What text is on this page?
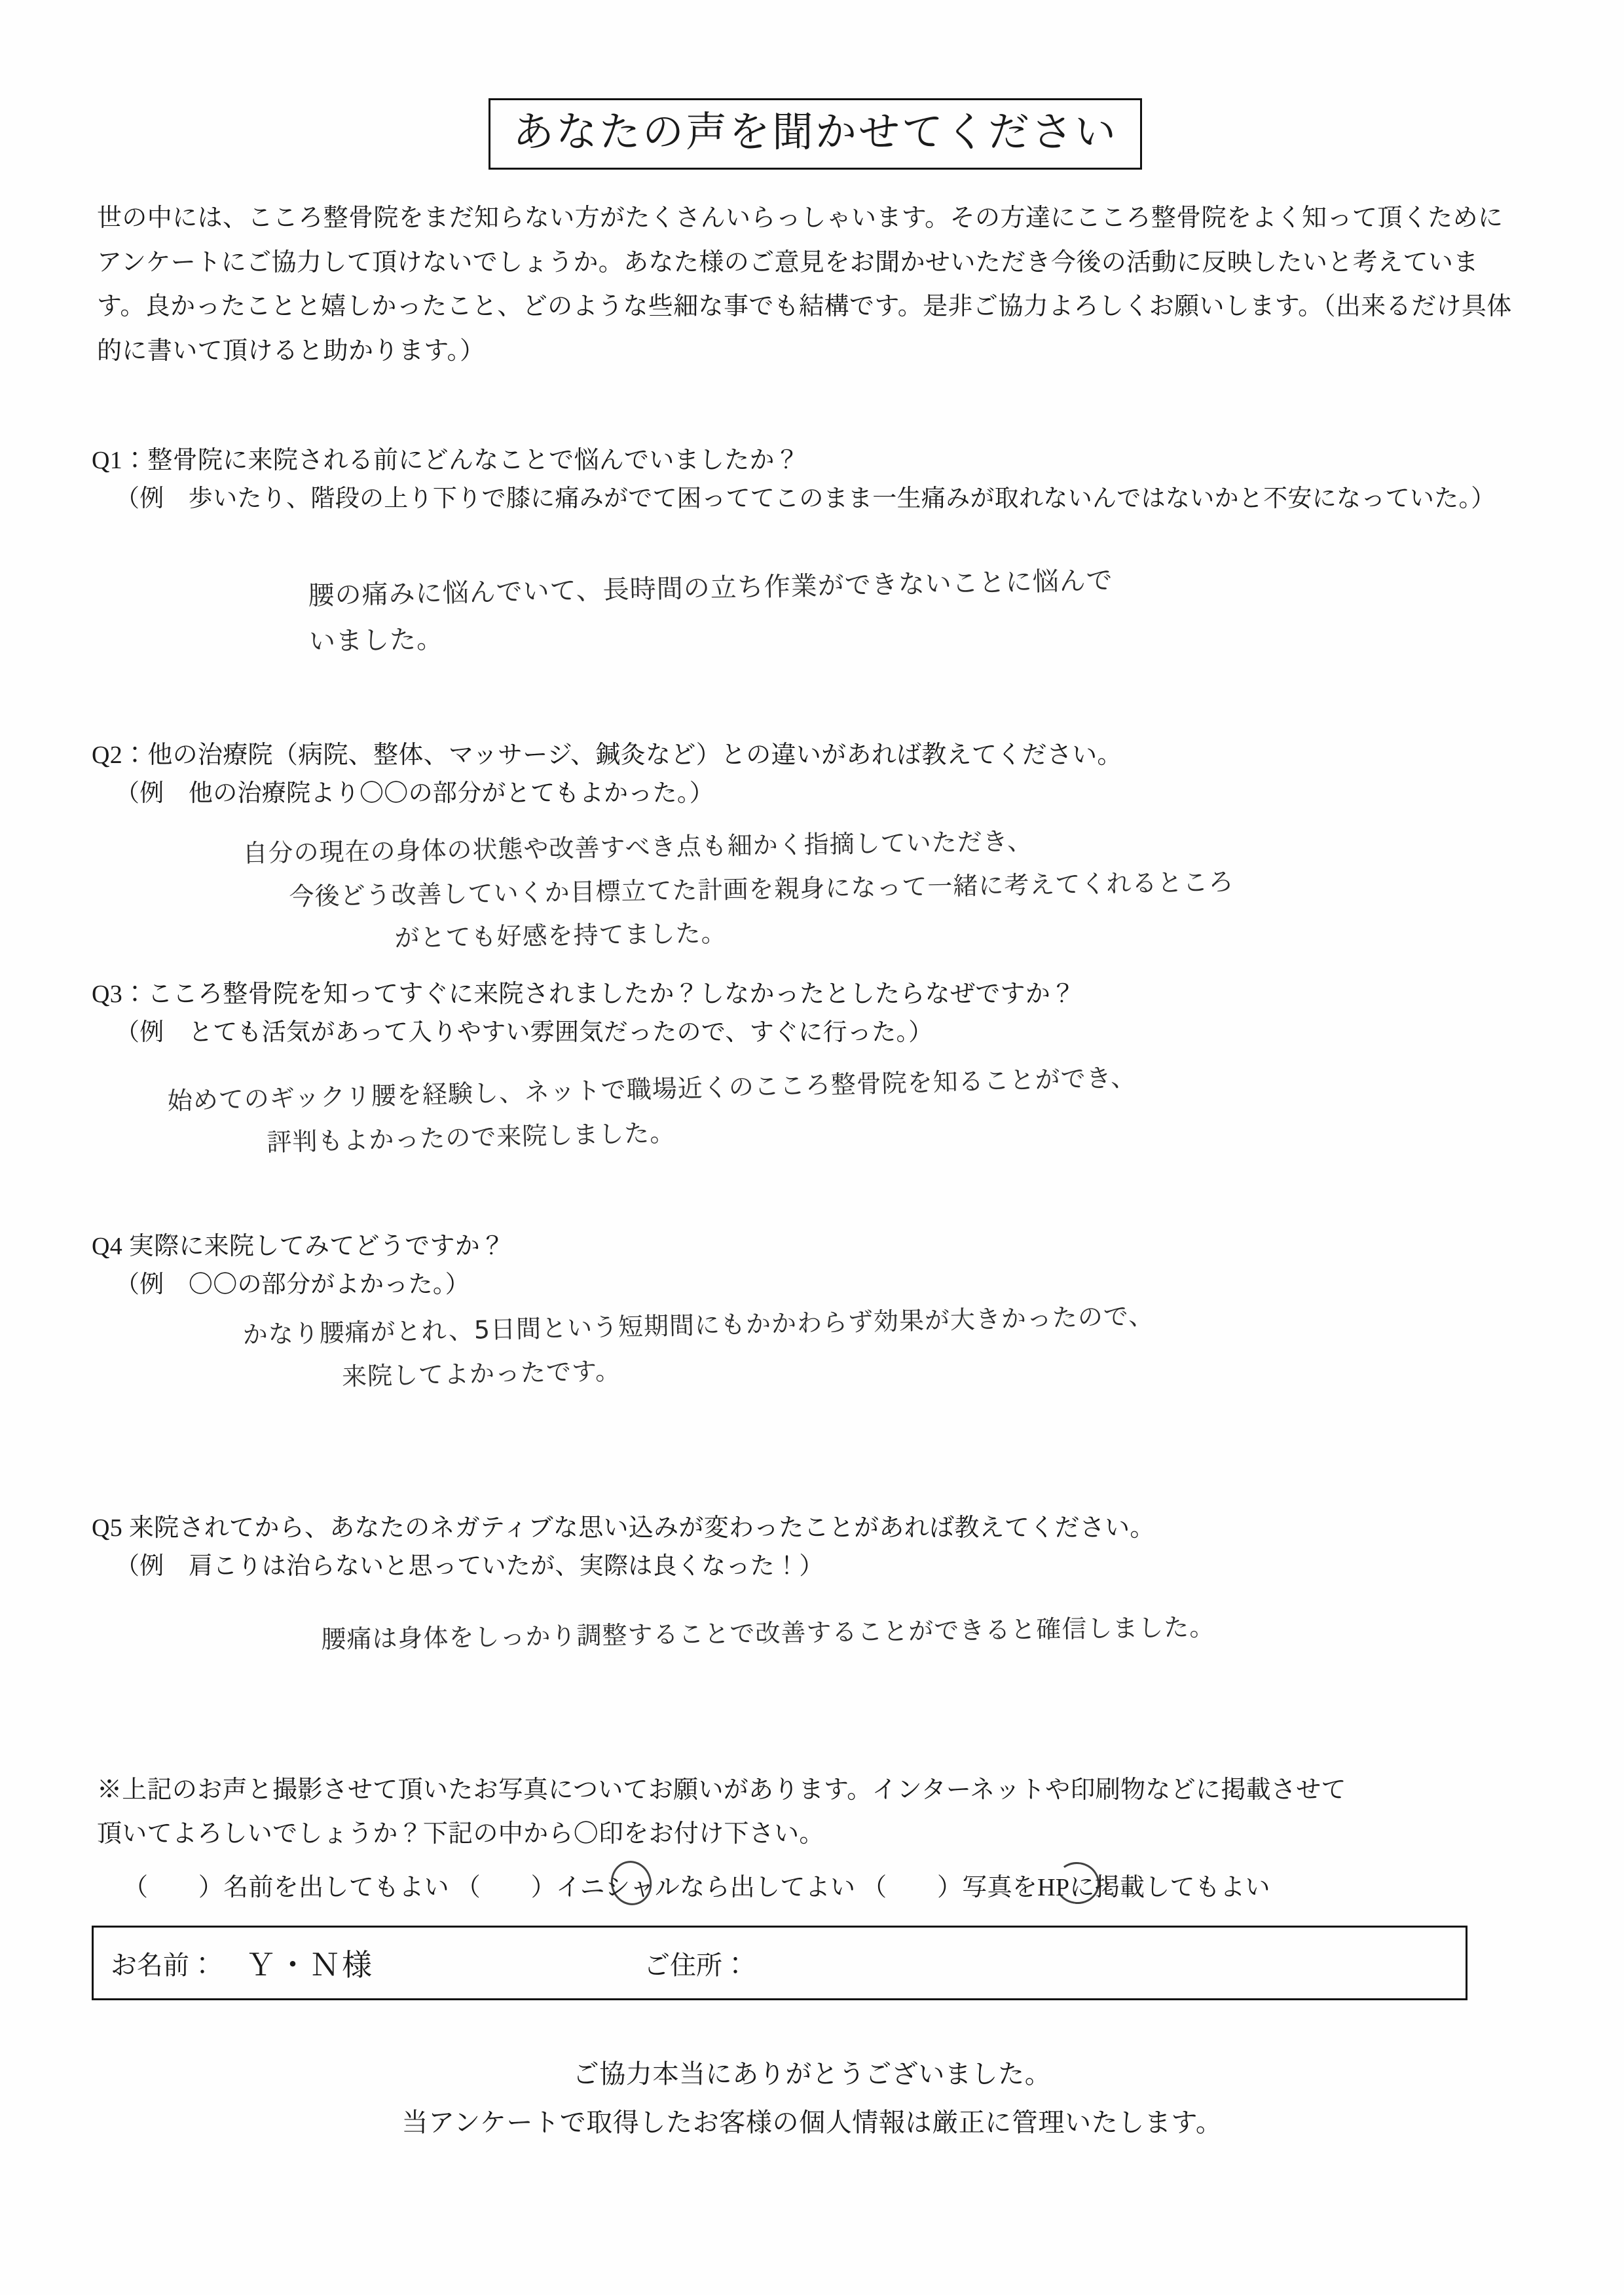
あなたの声を聞かせてください
世の中には、こころ整骨院をまだ知らない方がたくさんいらっしゃいます。その方達にこころ整骨院をよく知って頂くためにアンケートにご協力して頂けないでしょうか。あなた様のご意見をお聞かせいただき今後の活動に反映したいと考えています。良かったことと嬉しかったこと、どのような些細な事でも結構です。是非ご協力よろしくお願いします。（出来るだけ具体的に書いて頂けると助かります。）
Q1：整骨院に来院される前にどんなことで悩んでいましたか？
（例　歩いたり、階段の上り下りで膝に痛みがでて困っててこのまま一生痛みが取れないんではないかと不安になっていた。）
腰の痛みに悩んでいて、長時間の立ち作業ができないことに悩んで
いました。
Q2：他の治療院（病院、整体、マッサージ、鍼灸など）との違いがあれば教えてください。
（例　他の治療院より〇〇の部分がとてもよかった。）
自分の現在の身体の状態や改善すべき点も細かく指摘していただき、
今後どう改善していくか目標立てた計画を親身になって一緒に考えてくれるところ
がとても好感を持てました。
Q3：こころ整骨院を知ってすぐに来院されましたか？しなかったとしたらなぜですか？
（例　とても活気があって入りやすい雰囲気だったので、すぐに行った。）
始めてのギックリ腰を経験し、ネットで職場近くのこころ整骨院を知ることができ、
評判もよかったので来院しました。
Q4 実際に来院してみてどうですか？
（例　〇〇の部分がよかった。）
かなり腰痛がとれ、5日間という短期間にもかかわらず効果が大きかったので、
来院してよかったです。
Q5 来院されてから、あなたのネガティブな思い込みが変わったことがあれば教えてください。
（例　肩こりは治らないと思っていたが、実際は良くなった！）
腰痛は身体をしっかり調整することで改善することができると確信しました。
※上記のお声と撮影させて頂いたお写真についてお願いがあります。インターネットや印刷物などに掲載させて
頂いてよろしいでしょうか？下記の中から〇印をお付け下さい。
（　　）名前を出してもよい （　　）イニシャルなら出してよい （　　）写真をHPに掲載してもよい
お名前：	Ｙ・Ｎ様	ご住所：
ご協力本当にありがとうございました。
当アンケートで取得したお客様の個人情報は厳正に管理いたします。
